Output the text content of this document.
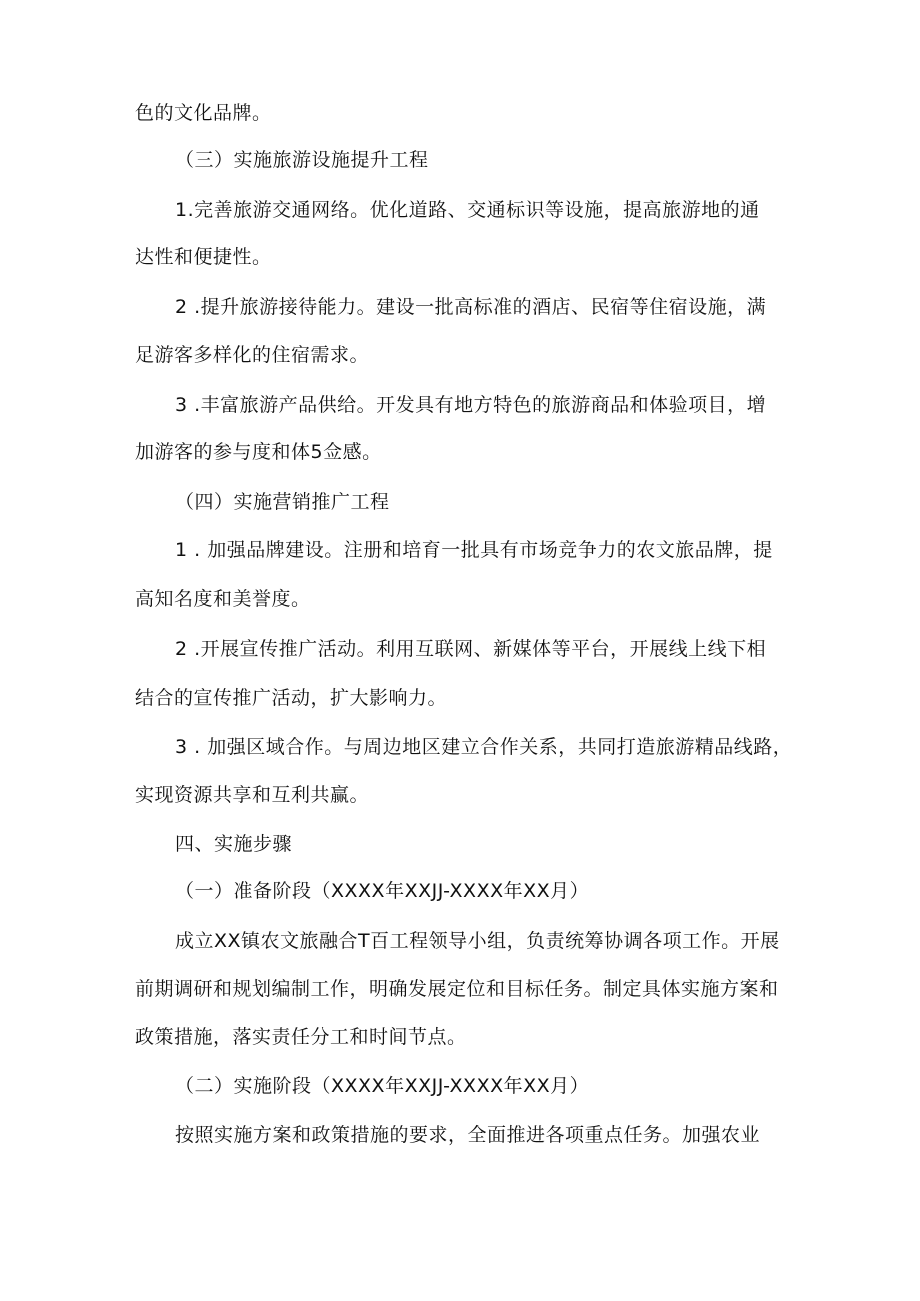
色的文化品牌。
（三）实施旅游设施提升工程
1.完善旅游交通网络。优化道路、交通标识等设施，提高旅游地的通
达性和便捷性。
2 .提升旅游接待能力。建设一批高标准的酒店、民宿等住宿设施，满
足游客多样化的住宿需求。
3 .丰富旅游产品供给。开发具有地方特色的旅游商品和体验项目，增
加游客的参与度和体5佥感。
（四）实施营销推广工程
1 . 加强品牌建设。注册和培育一批具有市场竞争力的农文旅品牌，提
高知名度和美誉度。
2 .开展宣传推广活动。利用互联网、新媒体等平台，开展线上线下相
结合的宣传推广活动，扩大影响力。
3 . 加强区域合作。与周边地区建立合作关系，共同打造旅游精品线路，
实现资源共享和互利共赢。
四、实施步骤
（一）准备阶段（XXXX年XXJJ-XXXX年XX月）
成立XX镇农文旅融合T百工程领导小组，负责统筹协调各项工作。开展
前期调研和规划编制工作，明确发展定位和目标任务。制定具体实施方案和
政策措施，落实责任分工和时间节点。
（二）实施阶段（XXXX年XXJJ-XXXX年XX月）
按照实施方案和政策措施的要求，全面推进各项重点任务。加强农业
